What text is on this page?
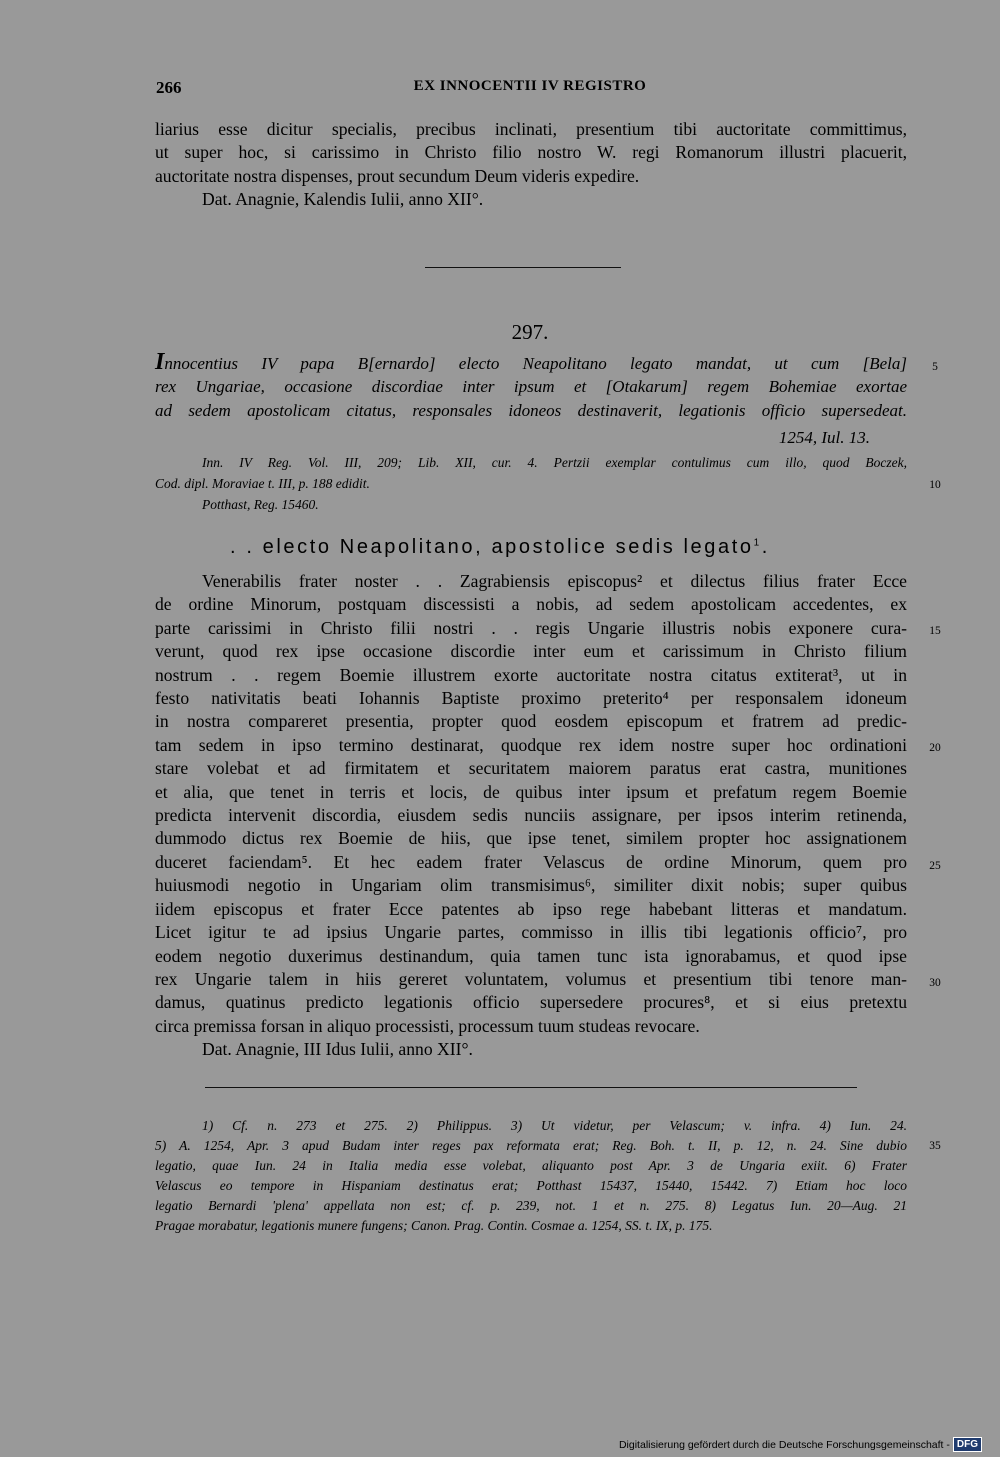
266	EX INNOCENTII IV REGISTRO
liarius esse dicitur specialis, precibus inclinati, presentium tibi auctoritate committimus,
ut super hoc, si carissimo in Christo filio nostro W. regi Romanorum illustri placuerit,
auctoritate nostra dispenses, prout secundum Deum videris expedire.
Dat. Anagnie, Kalendis Iulii, anno XII°.
297.
Innocentius IV papa B[ernardo] electo Neapolitano legato mandat, ut cum [Bela]
rex Ungariae, occasione discordiae inter ipsum et [Otakarum] regem Bohemiae exortae
ad sedem apostolicam citatus, responsales idoneos destinaverit, legationis officio supersedeat.
1254, Iul. 13.
Inn. IV Reg. Vol. III, 209; Lib. XII, cur. 4. Pertzii exemplar contulimus cum illo, quod Boczek,
Cod. dipl. Moraviae t. III, p. 188 edidit.
Potthast, Reg. 15460.
. . electo Neapolitano, apostolice sedis legato$^1$.
Venerabilis frater noster . . Zagrabiensis episcopus² et dilectus filius frater Ecce
de ordine Minorum, postquam discessisti a nobis, ad sedem apostolicam accedentes, ex
parte carissimi in Christo filii nostri . . regis Ungarie illustris nobis exponere cura-
verunt, quod rex ipse occasione discordie inter eum et carissimum in Christo filium
nostrum . . regem Boemie illustrem exorte auctoritate nostra citatus extiterat³, ut in
festo nativitatis beati Iohannis Baptiste proximo preterito⁴ per responsalem idoneum
in nostra compareret presentia, propter quod eosdem episcopum et fratrem ad predic-
tam sedem in ipso termino destinarat, quodque rex idem nostre super hoc ordinationi
stare volebat et ad firmitatem et securitatem maiorem paratus erat castra, munitiones
et alia, que tenet in terris et locis, de quibus inter ipsum et prefatum regem Boemie
predicta intervenit discordia, eiusdem sedis nunciis assignare, per ipsos interim retinenda,
dummodo dictus rex Boemie de hiis, que ipse tenet, similem propter hoc assignationem
duceret faciendam⁵. Et hec eadem frater Velascus de ordine Minorum, quem pro
huiusmodi negotio in Ungariam olim transmisimus⁶, similiter dixit nobis; super quibus
iidem episcopus et frater Ecce patentes ab ipso rege habebant litteras et mandatum.
Licet igitur te ad ipsius Ungarie partes, commisso in illis tibi legationis officio⁷, pro
eodem negotio duxerimus destinandum, quia tamen tunc ista ignorabamus, et quod ipse
rex Ungarie talem in hiis gereret voluntatem, volumus et presentium tibi tenore man-
damus, quatinus predicto legationis officio supersedere procures⁸, et si eius pretextu
circa premissa forsan in aliquo processisti, processum tuum studeas revocare.
Dat. Anagnie, III Idus Iulii, anno XII°.
1) Cf. n. 273 et 275. 2) Philippus. 3) Ut videtur, per Velascum; v. infra. 4) Iun. 24.
5) A. 1254, Apr. 3 apud Budam inter reges pax reformata erat; Reg. Boh. t. II, p. 12, n. 24. Sine dubio
legatio, quae Iun. 24 in Italia media esse volebat, aliquanto post Apr. 3 de Ungaria exiit. 6) Frater
Velascus eo tempore in Hispaniam destinatus erat; Potthast 15437, 15440, 15442. 7) Etiam hoc loco
legatio Bernardi 'plena' appellata non est; cf. p. 239, not. 1 et n. 275. 8) Legatus Iun. 20—Aug. 21
Pragae morabatur, legationis munere fungens; Canon. Prag. Contin. Cosmae a. 1254, SS. t. IX, p. 175.
5
10
15
20
25
30
35
Digitalisierung gefördert durch die Deutsche Forschungsgemeinschaft - DFG
